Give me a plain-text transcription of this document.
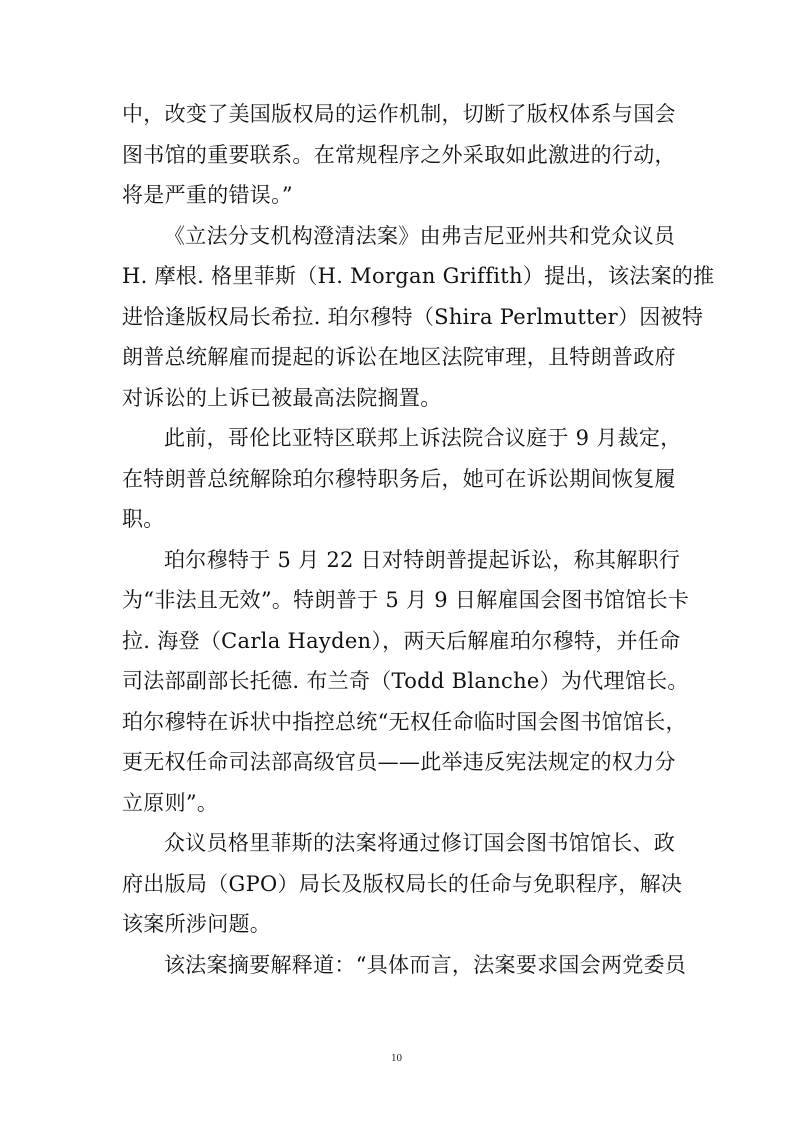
中，改变了美国版权局的运作机制，切断了版权体系与国会
图书馆的重要联系。在常规程序之外采取如此激进的行动，
将是严重的错误。”

《立法分支机构澄清法案》由弗吉尼亚州共和党众议员
H. 摩根. 格里菲斯（H. Morgan Griffith）提出，该法案的推
进恰逢版权局长希拉. 珀尔穆特（Shira Perlmutter）因被特
朗普总统解雇而提起的诉讼在地区法院审理，且特朗普政府
对诉讼的上诉已被最高法院搁置。

此前，哥伦比亚特区联邦上诉法院合议庭于 9 月裁定，
在特朗普总统解除珀尔穆特职务后，她可在诉讼期间恢复履
职。

珀尔穆特于 5 月 22 日对特朗普提起诉讼，称其解职行
为“非法且无效”。特朗普于 5 月 9 日解雇国会图书馆馆长卡
拉. 海登（Carla Hayden），两天后解雇珀尔穆特，并任命
司法部副部长托德. 布兰奇（Todd Blanche）为代理馆长。
珀尔穆特在诉状中指控总统“无权任命临时国会图书馆馆长，
更无权任命司法部高级官员——此举违反宪法规定的权力分
立原则”。

众议员格里菲斯的法案将通过修订国会图书馆馆长、政
府出版局（GPO）局长及版权局长的任命与免职程序，解决
该案所涉问题。

该法案摘要解释道：“具体而言，法案要求国会两党委员

10
